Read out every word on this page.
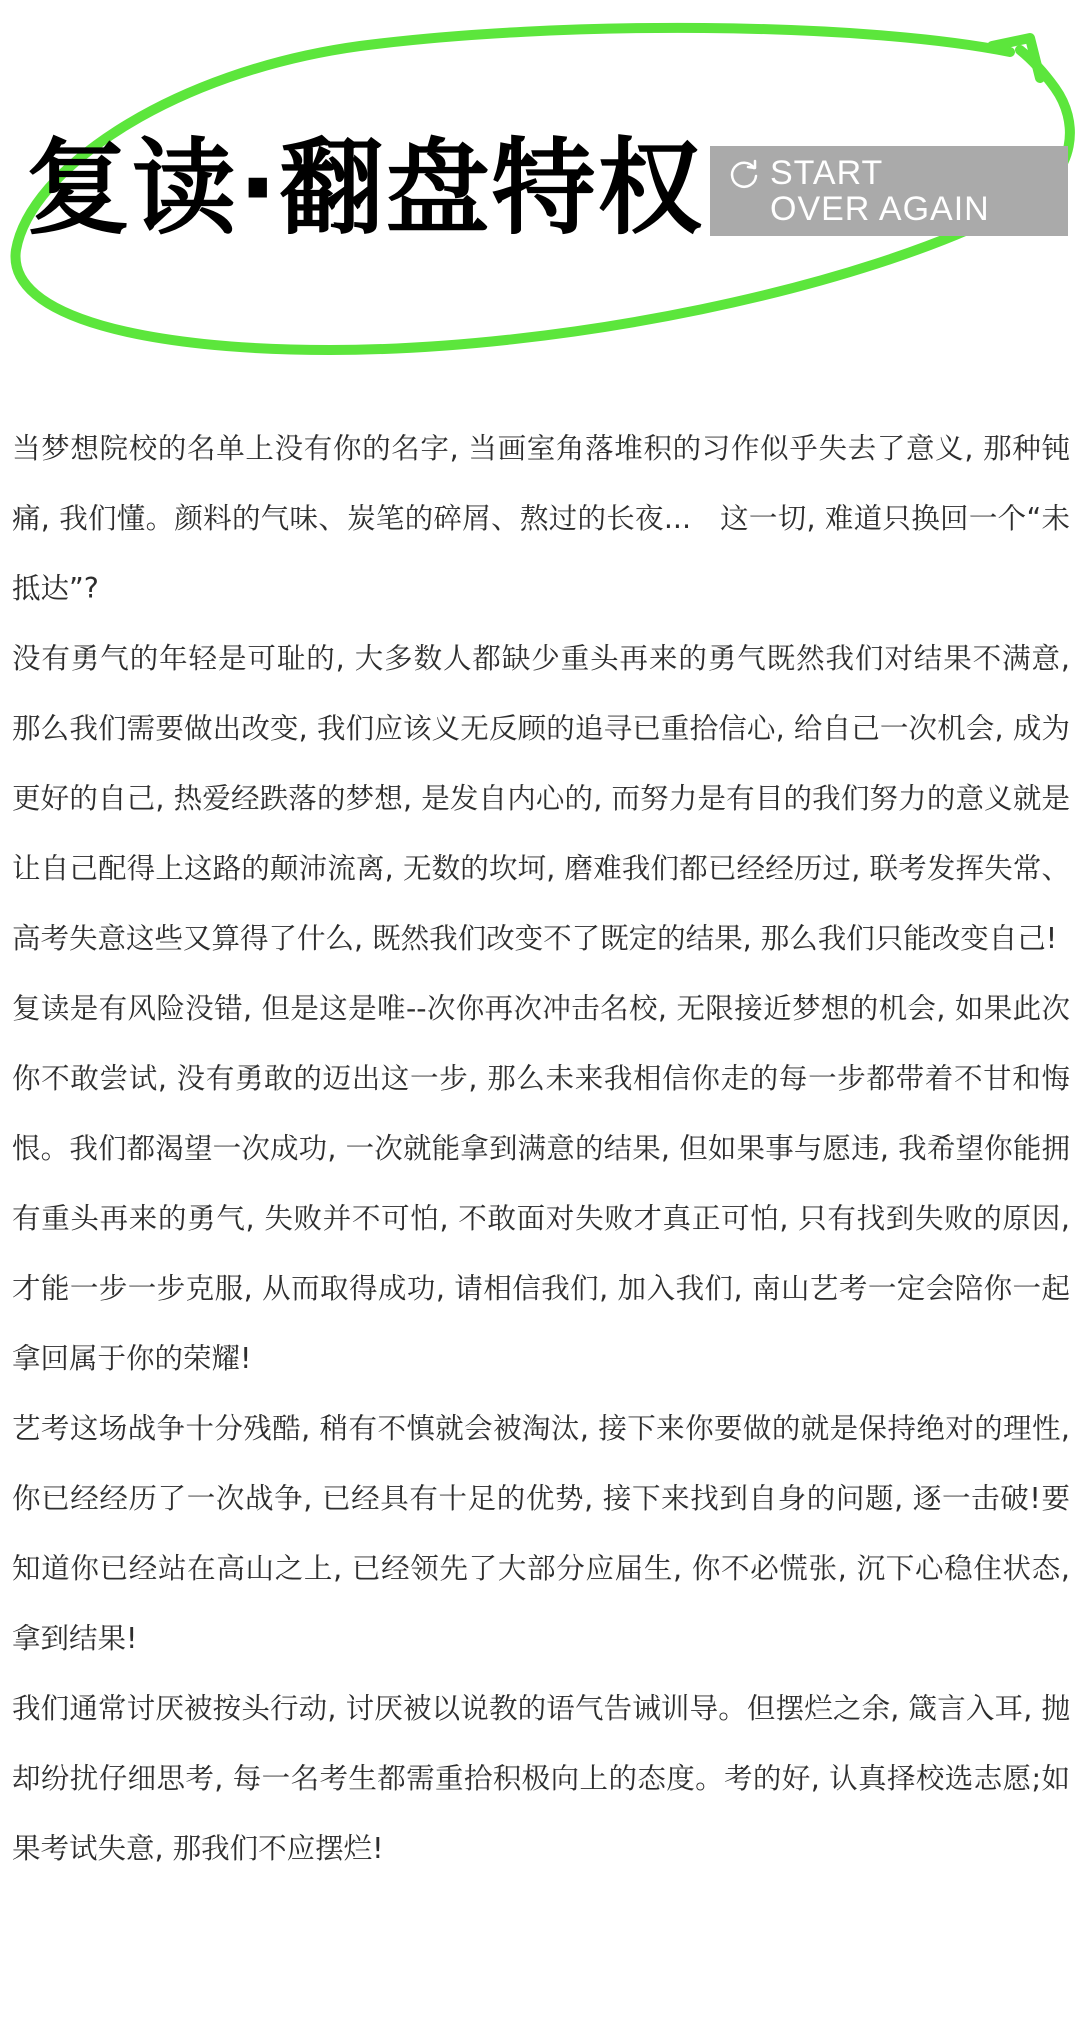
复读·翻盘特权 START
OVER AGAIN

当梦想院校的名单上没有你的名字, 当画室角落堆积的习作似乎失去了意义, 那种钝痛, 我们懂。颜料的气味、炭笔的碎屑、熬过的长夜...　这一切, 难道只换回一个“未抵达”?

没有勇气的年轻是可耻的, 大多数人都缺少重头再来的勇气既然我们对结果不满意, 那么我们需要做出改变, 我们应该义无反顾的追寻已重拾信心, 给自己一次机会, 成为更好的自己, 热爱经跌落的梦想, 是发自内心的, 而努力是有目的我们努力的意义就是让自己配得上这路的颠沛流离, 无数的坎坷, 磨难我们都已经经历过, 联考发挥失常、高考失意这些又算得了什么, 既然我们改变不了既定的结果, 那么我们只能改变自己!

复读是有风险没错, 但是这是唯--次你再次冲击名校, 无限接近梦想的机会, 如果此次你不敢尝试, 没有勇敢的迈出这一步, 那么未来我相信你走的每一步都带着不甘和悔恨。我们都渴望一次成功, 一次就能拿到满意的结果, 但如果事与愿违, 我希望你能拥有重头再来的勇气, 失败并不可怕, 不敢面对失败才真正可怕, 只有找到失败的原因, 才能一步一步克服, 从而取得成功, 请相信我们, 加入我们, 南山艺考一定会陪你一起拿回属于你的荣耀!

艺考这场战争十分残酷, 稍有不慎就会被淘汰, 接下来你要做的就是保持绝对的理性, 你已经经历了一次战争, 已经具有十足的优势, 接下来找到自身的问题, 逐一击破!要知道你已经站在高山之上, 已经领先了大部分应届生, 你不必慌张, 沉下心稳住状态, 拿到结果!

我们通常讨厌被按头行动, 讨厌被以说教的语气告诫训导。但摆烂之余, 箴言入耳, 抛却纷扰仔细思考, 每一名考生都需重拾积极向上的态度。考的好, 认真择校选志愿;如果考试失意, 那我们不应摆烂!
